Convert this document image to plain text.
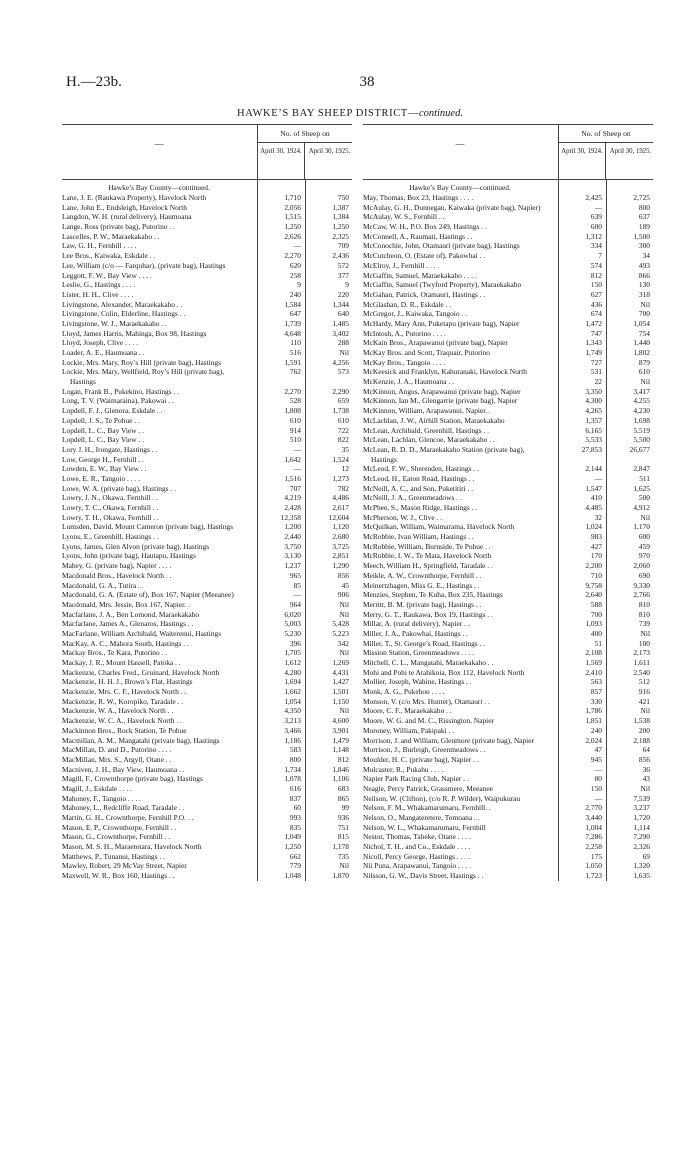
H.—23b.	38
HAWKE’S BAY SHEEP DISTRICT—continued.
—
No. of Sheep on
April 30, 1924.	April 30, 1925.
Hawke’s Bay County—continued.
Lane, J. E. (Raukawa Property), Havelock North	1,710	750
Lane, John E., Endsleigh, Havelock North	2,056	1,387
Langdon, W. H. (rural delivery), Haumoana	1,515	1,384
Lange, Ross (private bag), Putorino . .	1,250	1,250
Lascelles, P. W., Maraekakaho . .	2,626	2,325
Law, G. H., Fernhill . . . .	—	709
Lee Bros., Kaiwaka, Eskdale . .	2,270	2,436
Lee, William (c/o — Farquhar), (private bag), Hastings	620	572
Leggott, F. W., Bay View . . . .	258	377
Leslie, G., Hastings . . . .	9	9
Lister, H. H., Clive . . . .	240	220
Livingstone, Alexander, Maraekakaho . .	1,584	1,344
Livingstone, Colin, Elderline, Hastings . .	647	640
Livingstone, W. J., Maraekakaho . .	1,739	1,485
Lloyd, James Harris, Mahinga, Box 98, Hastings	4,648	3,402
Lloyd, Joseph, Clive . . . .	110	288
Loader, A. E., Haumoana . .	516	Nil
Lockie, Mrs. Mary, Roy’s Hill (private bag), Hastings	1,591	4,256
Lockie, Mrs. Mary, Wellfield, Roy’s Hill (private bag), Hastings
762	573
Logan, Frank B., Pukekino, Hastings . .	2,270	2,290
Long, T. V. (Waimaraina), Pakowai . .	528	659
Lopdell, F. J., Glenora, Eskdale . .	1,808	1,738
Lopdell, J. S., Te Pohue . .	610	610
Lopdell, L. C., Bay View . .	914	722
Lopdell, L. C., Bay View . .	510	822
Lory J. H., Irongate, Hastings . .	—	35
Low, George H., Fernhill . .	1,642	1,524
Lowden, E. W., Bay View . .	—	12
Lowe, E. R., Tangoio . . . .	1,516	1,273
Lowe, W. A. (private bag), Hastings . .	707	782
Lowry, J. N., Okawa, Fernhill . .	4,219	4,486
Lowry, T. C., Okawa, Fernhill . .	2,428	2,617
Lowry, T. H., Okawa, Fernhill . .	12,358	12,604
Lumsden, David, Mount Cameron (private bag), Hastings	1,200	1,120
Lyons, E., Greenhill, Hastings . .	2,440	2,680
Lyons, James, Glen Alvon (private bag), Hastings	3,750	3,725
Lyons, John (private bag), Hautapu, Hastings	3,130	2,851
Mabey, G. (private bag), Napier . . . .	1,237	1,290
Macdonald Bros., Havelock North . .	965	856
Macdonald, G. A., Tutira . .	85	45
Macdonald, G. A. (Estate of), Box 167, Napier (Meeanee)	—	906
Macdonald, Mrs. Jessie, Box 167, Napier. .	964	Nil
Macfarlane, J. A., Ben Lomond, Maraekakaho	6,020	Nil
Macfarlane, James A., Glenaros, Hastings . .	5,003	5,428
MacFarlane, William Archibald, Waiterenui, Hastings	5,230	5,223
MacKay, A. C., Mahora South, Hastings . .	396	342
Mackay Bros., Te Kara, Putorino . .	1,705	Nil
Mackay, J. R., Mount Hassell, Patoka . .	1,612	1,269
Mackenzie, Charles Fred., Gruinard, Havelock North	4,280	4,431
Mackenzie, H. H. J., Brown’s Flat, Hastings	1,694	1,427
Mackenzie, Mrs. C. F., Havelock North . .	1,662	1,501
Mackenzie, R. W., Koropiko, Taradale . .	1,054	1,150
Mackenzie, W. A., Havelock North . .	4,350	Nil
Mackenzie, W. C. A., Havelock North . .	3,213	4,600
Mackinnon Bros., Rock Station, Te Pohue	3,466	3,901
Macmillan, A. M., Mangatahi (private bag), Hastings	1,186	1,479
MacMillan, D. and D., Putorino . . . .	583	1,148
MacMillan, Mrs. S., Argyll, Otane . .	800	812
Macniven, J. H., Bay View, Haumoana . .	1,734	1,846
Magill, F., Crownthorpe (private bag), Hastings	1,078	1,106
Magill, J., Eskdale . . . .	616	683
Mahoney, F., Tangoio . . . .	837	865
Mahoney, L., Redcliffe Road, Taradale . .	60	99
Martin, G. H., Crownthorpe, Fernhill P.O. . .	993	936
Mason, E. P., Crownthorpe, Fernhill . .	835	751
Mason, G., Crownthorpe, Fernhill . .	1,049	815
Mason, M. S. H., Maraetotara, Havelock North	1,250	1,178
Matthews, P., Tunanui, Hastings . .	662	735
Mawley, Robert, 29 McVay Street, Napier	779	Nil
Maxwell, W. R., Box 160, Hastings . .	1,048	1,870
—
No. of Sheep on
April 30, 1924.	April 30, 1925.
Hawke’s Bay County—continued.
May, Thomas, Box 23, Hastings . . . .	2,425	2,725
McAulay, G. H., Dunnegan, Kaiwaka (private bag), Napier)	—	800
McAulay, W. S., Fernhill . .	639	637
McCaw, W. H., P.O. Box 249, Hastings . .	600	189
McConnell, A., Raumati, Hastings . .	1,312	1,500
McConochie, John, Otamauri (private bag), Hastings	334	300
McCutcheon, O. (Estate of), Pakowhai . .	7	34
McElroy, J., Fernhill . . . .	574	493
McGaffin, Samuel, Maraekakaho . . . .	812	866
McGaffin, Samuel (Twyford Property), Maraekakaho	150	130
McGahan, Patrick, Otamauri, Hastings . .	627	318
McGlashan, D. R., Eskdale . .	436	Nil
McGregor, J., Kaiwaka, Tangoio . .	674	700
McHardy, Mary Ann, Puketapu (private bag), Napier	1,472	1,054
McIntosh, A., Putorino . . . .	747	754
McKain Bros., Arapawanui (private bag), Napier	1,343	1,440
McKay Bros. and Scott, Traquair, Putorino	1,749	1,802
McKay Bros., Tangoio . . . .	727	879
McKeesick and Franklyn, Kahuranaki, Havelock North	531	610
McKenzie, J. A., Haumoana . .	22	Nil
McKinnon, Angus, Arapawanui (private bag), Napier	3,350	3,417
McKinnon, Ian M., Glengarrie (private bag), Napier	4,300	4,255
McKinnon, William, Arapawanui, Napier. .	4,265	4,230
McLachlan, J. W., Airhill Station, Maraekakaho	1,357	1,698
McLean, Archibald, Greenhill, Hastings . .	6,165	5,519
McLean, Lachlan, Glencoe, Maraekakaho . .	5,533	5,500
McLean, R. D. D., Maraekakaho Station (private bag), Hastings
27,853	26,677
McLeod, F. W., Sherenden, Hastings . .	2,144	2,847
McLeod, H., Eaton Road, Hastings . .	—	511
McNeill, A. C., and Son, Puketitiri . .	1,547	1,625
McNeill, J. A., Greenmeadows . .	410	500
McPhee, S., Mason Ridge, Hastings . .	4,485	4,912
McPherson, W. J., Clive . .	32	Nil
McQuilkan, William, Waimarama, Havelock North	1,024	1,170
McRobbie, Ivan William, Hastings . .	983	600
McRobbie, William, Burnside, Te Pohue . .	427	459
McRobbie, I. W., Te Mata, Havelock North	170	970
Meech, William H., Springfield, Taradale . .	2,200	2,060
Meikle, A. W., Crownthorpe, Fernhill . .	710	690
Meinertzhagen, Miss G. E., Hastings . .	9,758	9,330
Menzies, Stephen, Te Kuha, Box 235, Hastings	2,640	2,766
Merritt, B. M. (private bag), Hastings . .	588	810
Merry, G. T., Raukawa, Box 19, Hastings . .	700	810
Millar, A. (rural delivery), Napier . .	1,093	739
Miller, J. A., Pakowhai, Hastings . .	400	Nil
Miller, T., St. George’s Road, Hastings . .	51	100
Mission Station, Greenmeadows . . . .	2,108	2,173
Mitchell, C. L., Mangatahi, Maraekakaho . .	1,569	1,611
Mohi and Pohi te Atahikoia, Box 112, Havelock North	2,410	2,540
Mollier, Joseph, Wahine, Hastings . .	563	512
Monk, A. G., Pukehou . . . .	857	916
Monson, V. (c/o Mrs. Hunter), Otamauri . .	330	421
Moore, C. F., Maraekakaho . .	1,786	Nil
Moore, W. G. and M. C., Rissington, Napier	1,851	1,538
Moroney, William, Pakipaki . .	240	200
Morrison, J. and William, Glenmore (private bag), Napier	2,024	2,188
Morrison, J., Burleigh, Greenmeadows . .	47	64
Moulder, H. C. (private bag), Napier . .	945	856
Mulcaster, R., Pukahu . . . .	—	36
Napier Park Racing Club, Napier . .	80	43
Neagle, Percy Patrick, Grassmere, Meeanee	150	Nil
Neilson, W. (Clifton), (c/o R. P. Wilder), Waipukurau	—	7,539
Nelson, F. M., Whakamarumaru, Fernhill. .	2,770	3,237
Nelson, O., Mangateretere, Tomoana . .	3,440	1,720
Nelson, W. L., Whakamarumaru, Fernhill	1,004	1,114
Nestor, Thomas, Taheke, Otane . . . .	7,286	7,290
Nichol, T. H., and Co., Eskdale . . . .	2,258	2,326
Nicoll, Percy George, Hastings . . . .	175	69
Nii Puna, Arapawanui, Tangoio . . . .	1,050	1,320
Nilsson, G. W., Davis Street, Hastings . .	1,723	1,635
